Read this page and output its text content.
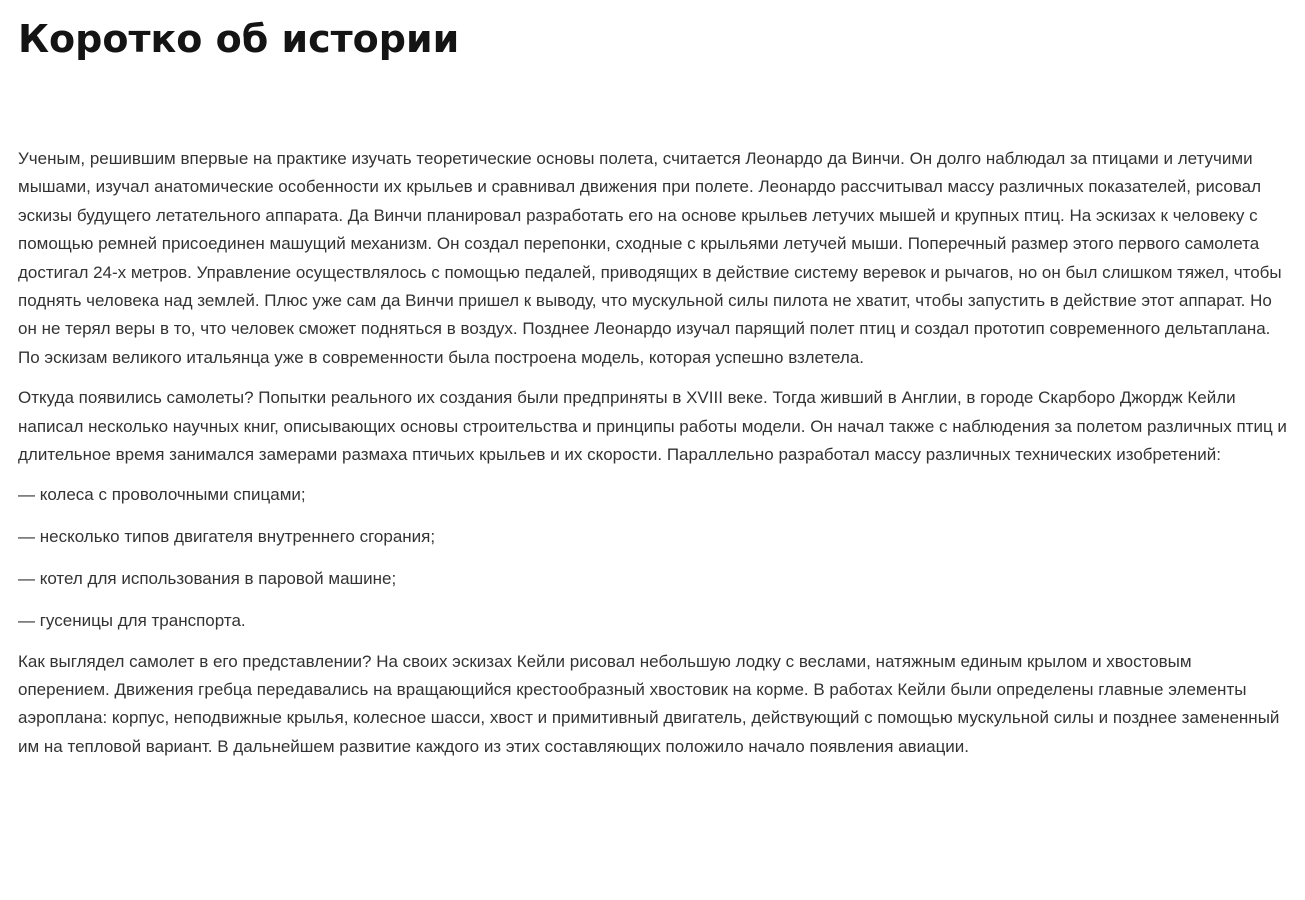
Коротко об истории

Ученым, решившим впервые на практике изучать теоретические основы полета, считается Леонардо да Винчи. Он долго наблюдал за птицами и летучими мышами, изучал анатомические особенности их крыльев и сравнивал движения при полете. Леонардо рассчитывал массу различных показателей, рисовал эскизы будущего летательного аппарата. Да Винчи планировал разработать его на основе крыльев летучих мышей и крупных птиц. На эскизах к человеку с помощью ремней присоединен машущий механизм. Он создал перепонки, сходные с крыльями летучей мыши. Поперечный размер этого первого самолета достигал 24-х метров. Управление осуществлялось с помощью педалей, приводящих в действие систему веревок и рычагов, но он был слишком тяжел, чтобы поднять человека над землей. Плюс уже сам да Винчи пришел к выводу, что мускульной силы пилота не хватит, чтобы запустить в действие этот аппарат. Но он не терял веры в то, что человек сможет подняться в воздух. Позднее Леонардо изучал парящий полет птиц и создал прототип современного дельтаплана. По эскизам великого итальянца уже в современности была построена модель, которая успешно взлетела.

Откуда появились самолеты? Попытки реального их создания были предприняты в XVIII веке. Тогда живший в Англии, в городе Скарборо Джордж Кейли написал несколько научных книг, описывающих основы строительства и принципы работы модели. Он начал также с наблюдения за полетом различных птиц и длительное время занимался замерами размаха птичьих крыльев и их скорости. Параллельно разработал массу различных технических изобретений:

— колеса с проволочными спицами;
— несколько типов двигателя внутреннего сгорания;
— котел для использования в паровой машине;
— гусеницы для транспорта.

Как выглядел самолет в его представлении? На своих эскизах Кейли рисовал небольшую лодку с веслами, натяжным единым крылом и хвостовым оперением. Движения гребца передавались на вращающийся крестообразный хвостовик на корме. В работах Кейли были определены главные элементы аэроплана: корпус, неподвижные крылья, колесное шасси, хвост и примитивный двигатель, действующий с помощью мускульной силы и позднее замененный им на тепловой вариант. В дальнейшем развитие каждого из этих составляющих положило начало появления авиации.
